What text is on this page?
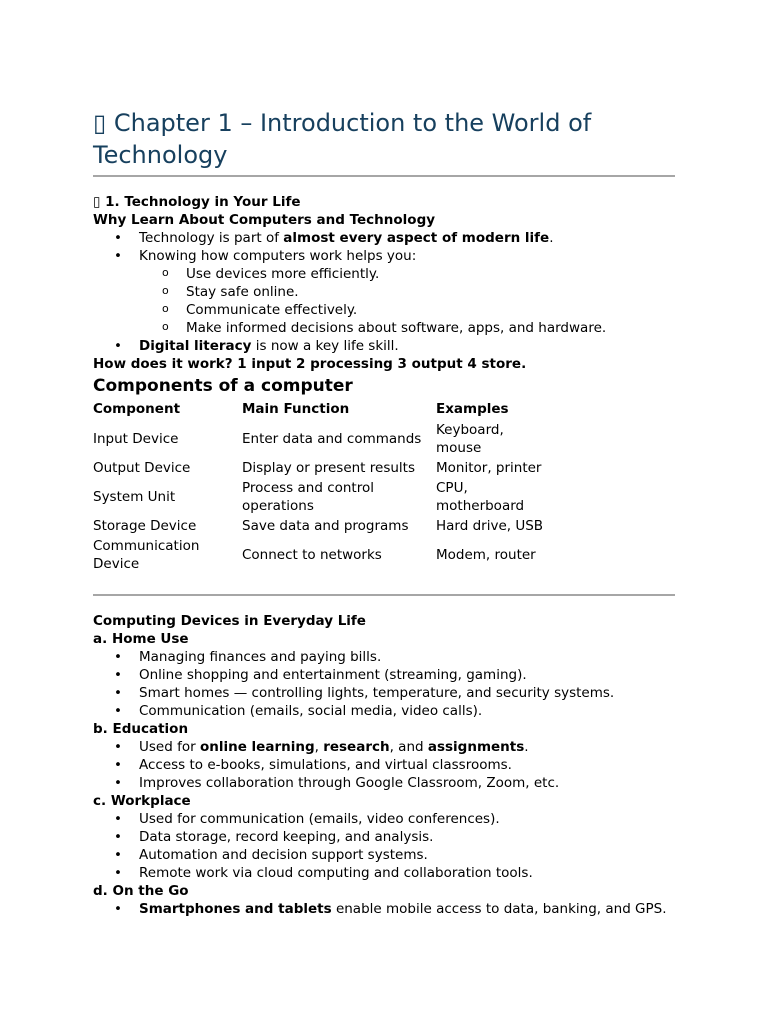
▯ Chapter 1 – Introduction to the World of Technology
▯ 1. Technology in Your Life
Why Learn About Computers and Technology
• Technology is part of almost every aspect of modern life.
• Knowing how computers work helps you:
o Use devices more efficiently.
o Stay safe online.
o Communicate effectively.
o Make informed decisions about software, apps, and hardware.
• Digital literacy is now a key life skill.
How does it work? 1 input 2 processing 3 output 4 store.
Components of a computer
Component	Main Function	Examples
Input Device	Enter data and commands	Keyboard, mouse
Output Device	Display or present results	Monitor, printer
System Unit	Process and control operations	CPU, motherboard
Storage Device	Save data and programs	Hard drive, USB
Communication Device	Connect to networks	Modem, router
Computing Devices in Everyday Life
a. Home Use
• Managing finances and paying bills.
• Online shopping and entertainment (streaming, gaming).
• Smart homes — controlling lights, temperature, and security systems.
• Communication (emails, social media, video calls).
b. Education
• Used for online learning, research, and assignments.
• Access to e-books, simulations, and virtual classrooms.
• Improves collaboration through Google Classroom, Zoom, etc.
c. Workplace
• Used for communication (emails, video conferences).
• Data storage, record keeping, and analysis.
• Automation and decision support systems.
• Remote work via cloud computing and collaboration tools.
d. On the Go
• Smartphones and tablets enable mobile access to data, banking, and GPS.
